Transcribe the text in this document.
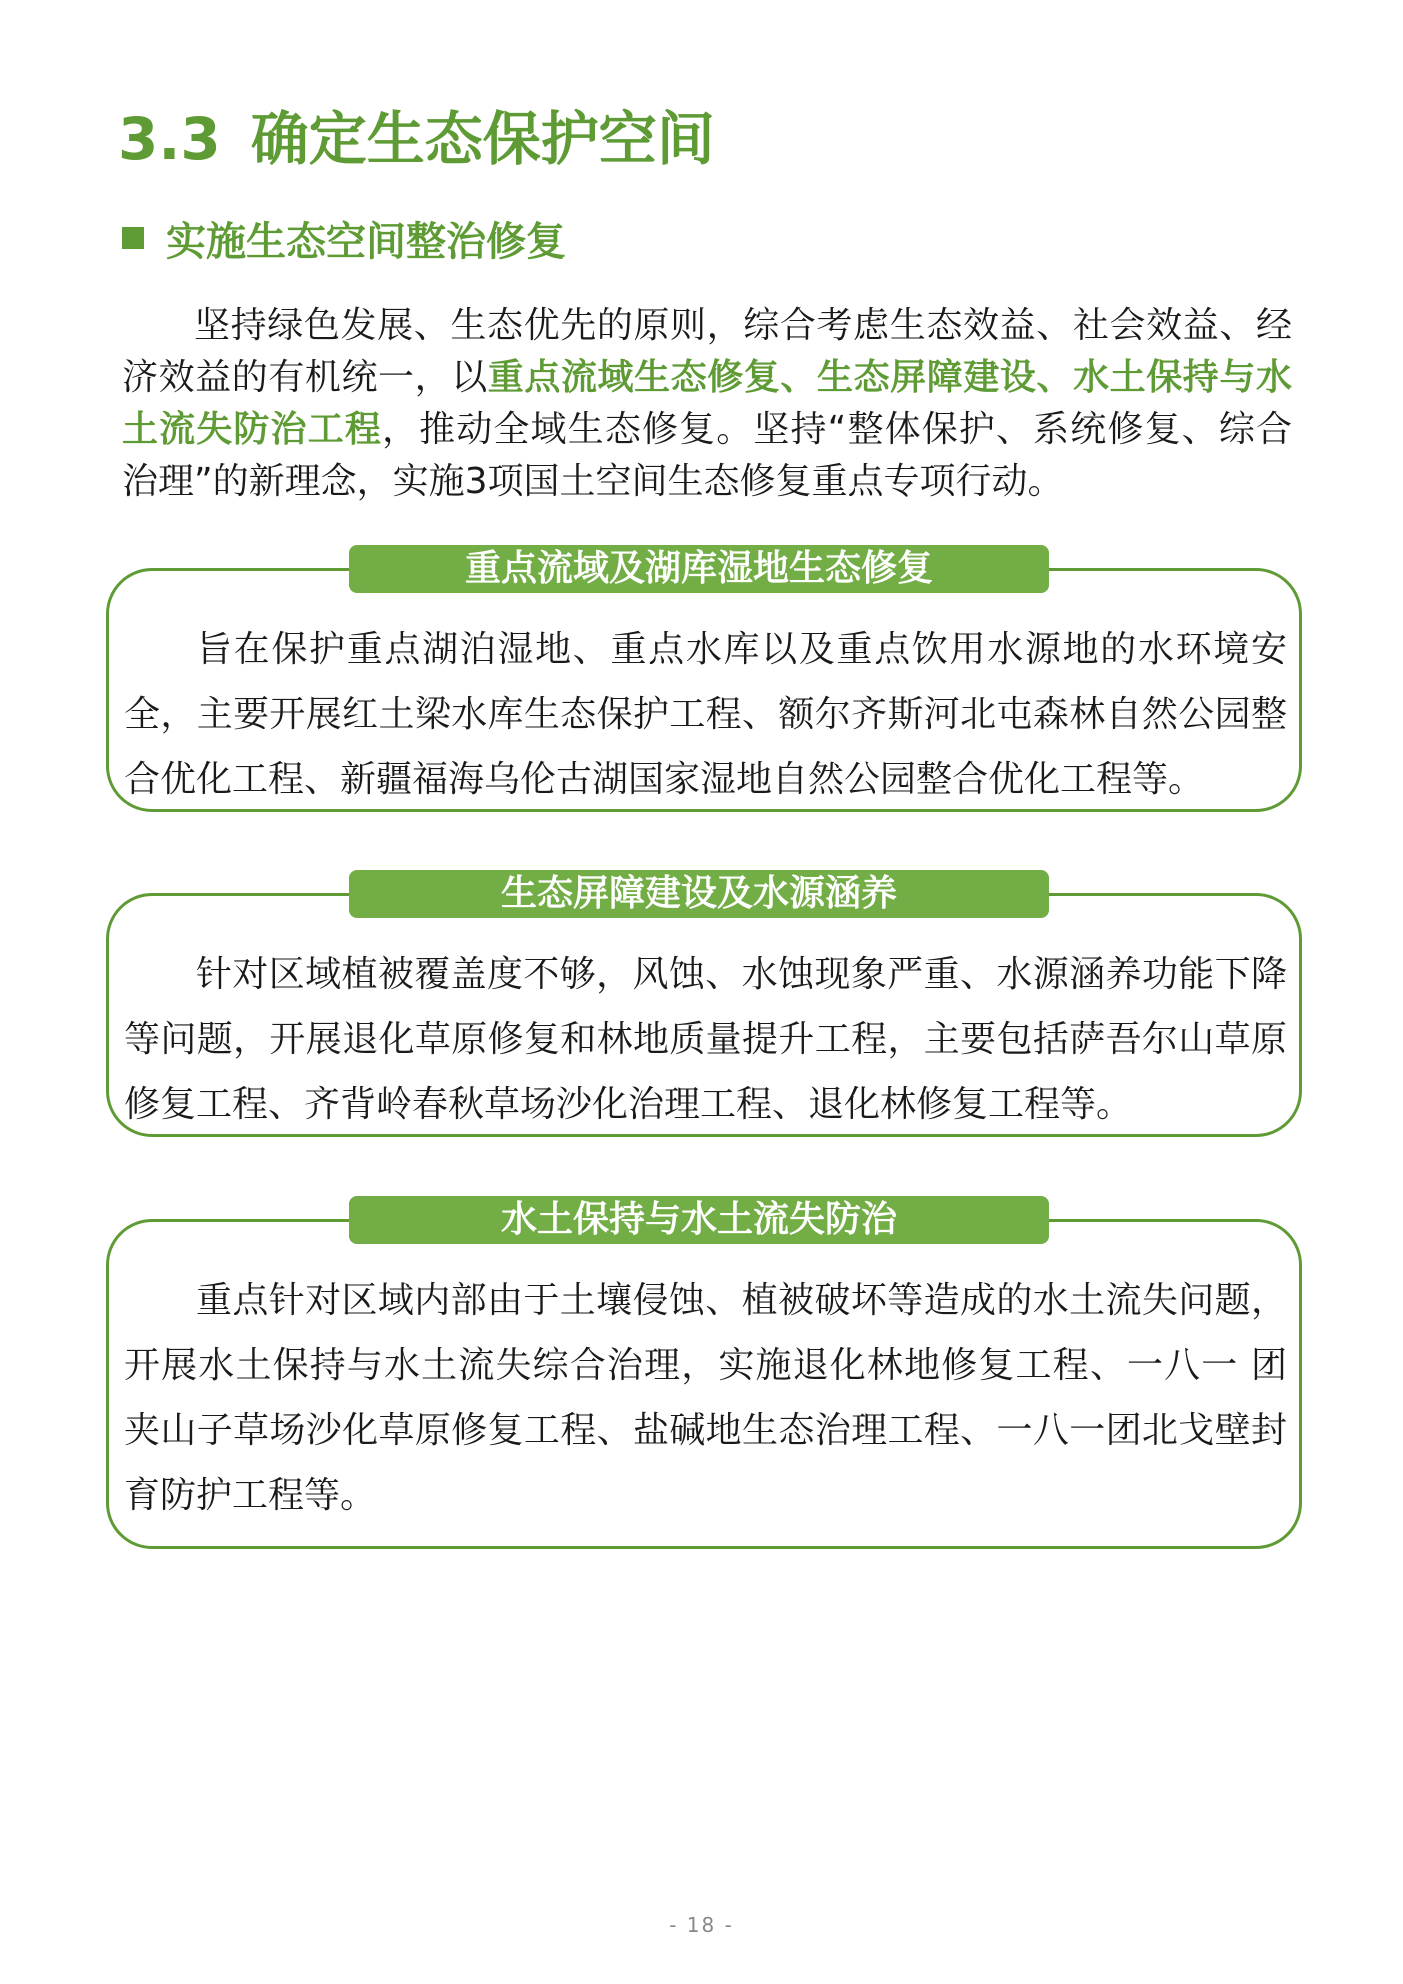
3.3 确定生态保护空间
实施生态空间整治修复

坚持绿色发展、生态优先的原则，综合考虑生态效益、社会效益、经济效益的有机统一，以重点流域生态修复、生态屏障建设、水土保持与水土流失防治工程，推动全域生态修复。坚持“整体保护、系统修复、综合治理”的新理念，实施3项国土空间生态修复重点专项行动。

重点流域及湖库湿地生态修复

旨在保护重点湖泊湿地、重点水库以及重点饮用水源地的水环境安全，主要开展红土梁水库生态保护工程、额尔齐斯河北屯森林自然公园整合优化工程、新疆福海乌伦古湖国家湿地自然公园整合优化工程等。

生态屏障建设及水源涵养

针对区域植被覆盖度不够，风蚀、水蚀现象严重、水源涵养功能下降等问题，开展退化草原修复和林地质量提升工程，主要包括萨吾尔山草原修复工程、齐背岭春秋草场沙化治理工程、退化林修复工程等。

水土保持与水土流失防治

重点针对区域内部由于土壤侵蚀、植被破坏等造成的水土流失问题，开展水土保持与水土流失综合治理，实施退化林地修复工程、一八一 团夹山子草场沙化草原修复工程、盐碱地生态治理工程、一八一团北戈壁封育防护工程等。

- 18 -
